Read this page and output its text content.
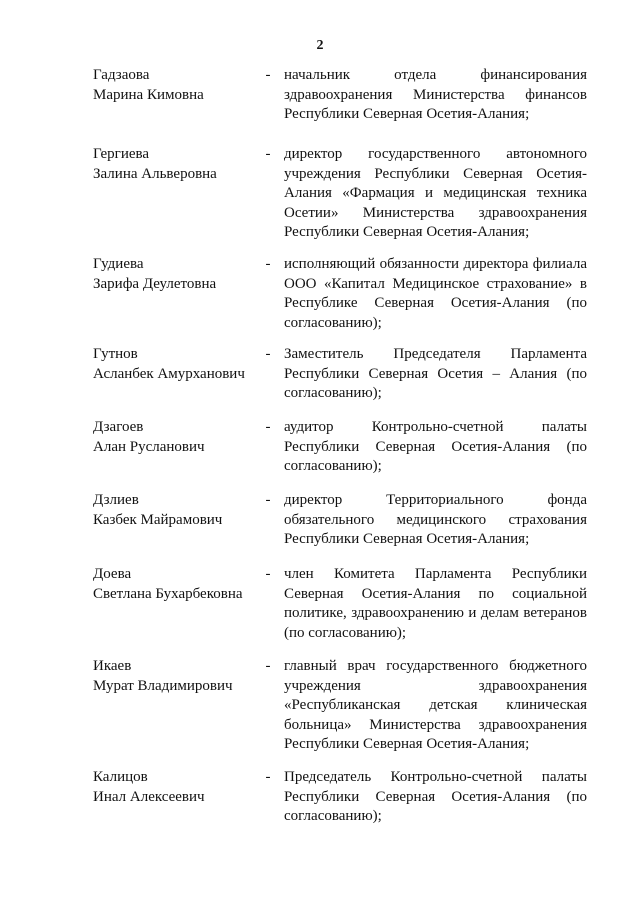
2
Гадзаова
Марина Кимовна
- начальник отдела финансирования здравоохранения Министерства финансов Республики Северная Осетия-Алания;
Гергиева
Залина Альверовна
- директор государственного автономного учреждения Республики Северная Осетия-Алания «Фармация и медицинская техника Осетии» Министерства здравоохранения Республики Северная Осетия-Алания;
Гудиева
Зарифа Деулетовна
- исполняющий обязанности директора филиала ООО «Капитал Медицинское страхование» в Республике Северная Осетия-Алания (по согласованию);
Гутнов
Асланбек Амурханович
- Заместитель Председателя Парламента Республики Северная Осетия – Алания (по согласованию);
Дзагоев
Алан Русланович
- аудитор Контрольно-счетной палаты Республики Северная Осетия-Алания (по согласованию);
Дзлиев
Казбек Майрамович
- директор Территориального фонда обязательного медицинского страхования Республики Северная Осетия-Алания;
Доева
Светлана Бухарбековна
- член Комитета Парламента Республики Северная Осетия-Алания по социальной политике, здравоохранению и делам ветеранов (по согласованию);
Икаев
Мурат Владимирович
- главный врач государственного бюджетного учреждения здравоохранения «Республиканская детская клиническая больница» Министерства здравоохранения Республики Северная Осетия-Алания;
Калицов
Инал Алексеевич
- Председатель Контрольно-счетной палаты Республики Северная Осетия-Алания (по согласованию);
